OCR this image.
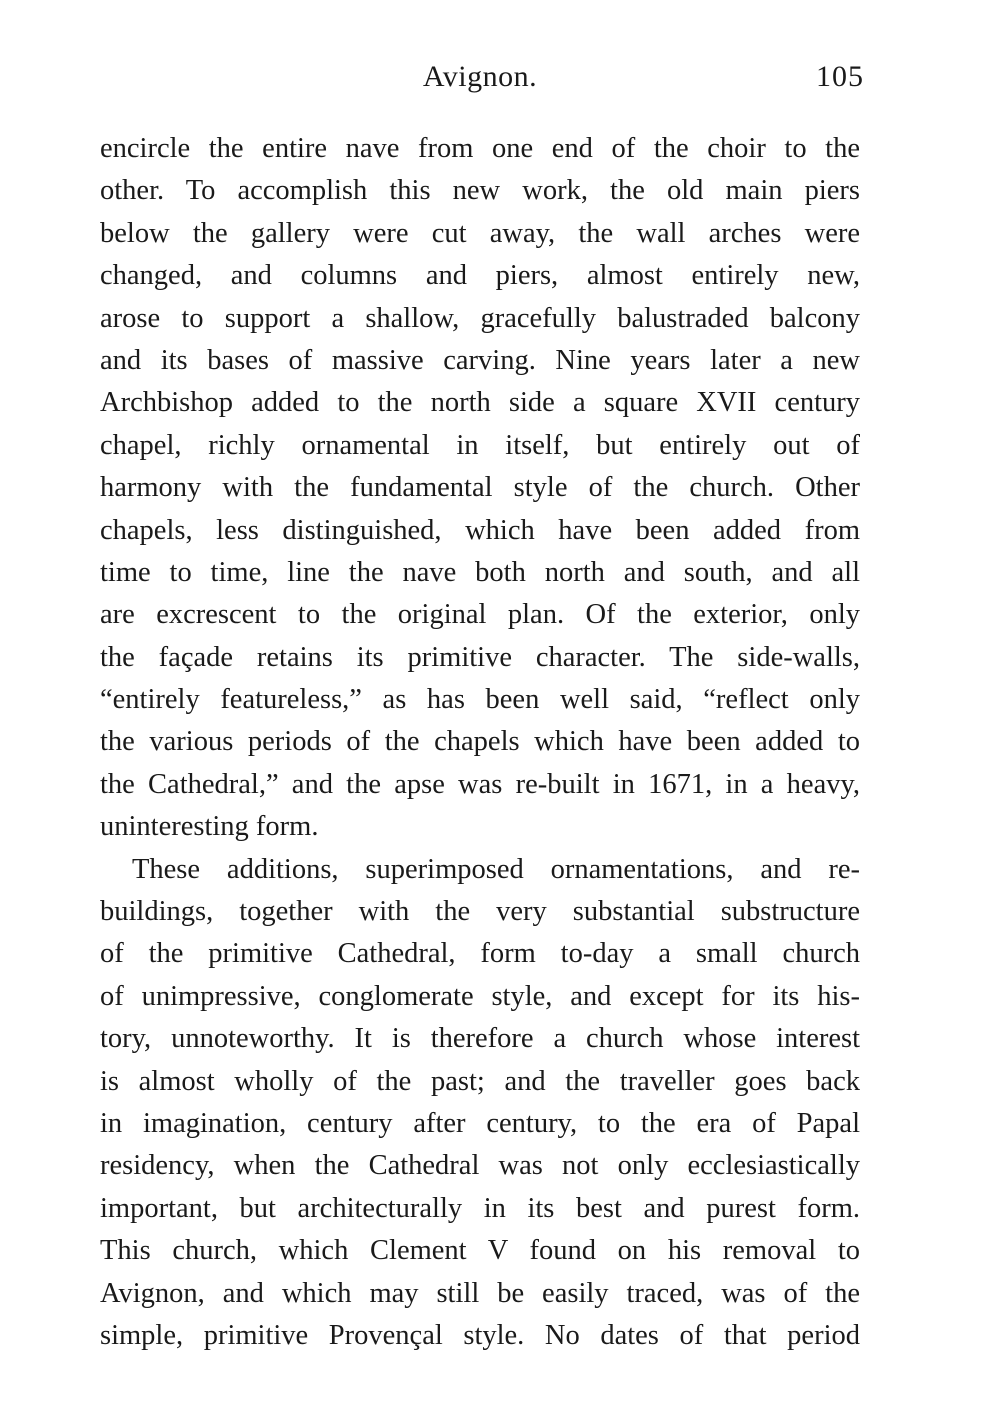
Avignon.	105
encircle the entire nave from one end of the choir to the
other. To accomplish this new work, the old main piers
below the gallery were cut away, the wall arches were
changed, and columns and piers, almost entirely new,
arose to support a shallow, gracefully balustraded balcony
and its bases of massive carving. Nine years later a new
Archbishop added to the north side a square XVII century
chapel, richly ornamental in itself, but entirely out of
harmony with the fundamental style of the church. Other
chapels, less distinguished, which have been added from
time to time, line the nave both north and south, and all
are excrescent to the original plan. Of the exterior, only
the façade retains its primitive character. The side-walls,
“entirely featureless,” as has been well said, “reflect only
the various periods of the chapels which have been added to
the Cathedral,” and the apse was re-built in 1671, in a heavy,
uninteresting form.
These additions, superimposed ornamentations, and re-
buildings, together with the very substantial substructure
of the primitive Cathedral, form to-day a small church
of unimpressive, conglomerate style, and except for its his-
tory, unnoteworthy. It is therefore a church whose interest
is almost wholly of the past; and the traveller goes back
in imagination, century after century, to the era of Papal
residency, when the Cathedral was not only ecclesiastically
important, but architecturally in its best and purest form.
This church, which Clement V found on his removal to
Avignon, and which may still be easily traced, was of the
simple, primitive Provençal style. No dates of that period
